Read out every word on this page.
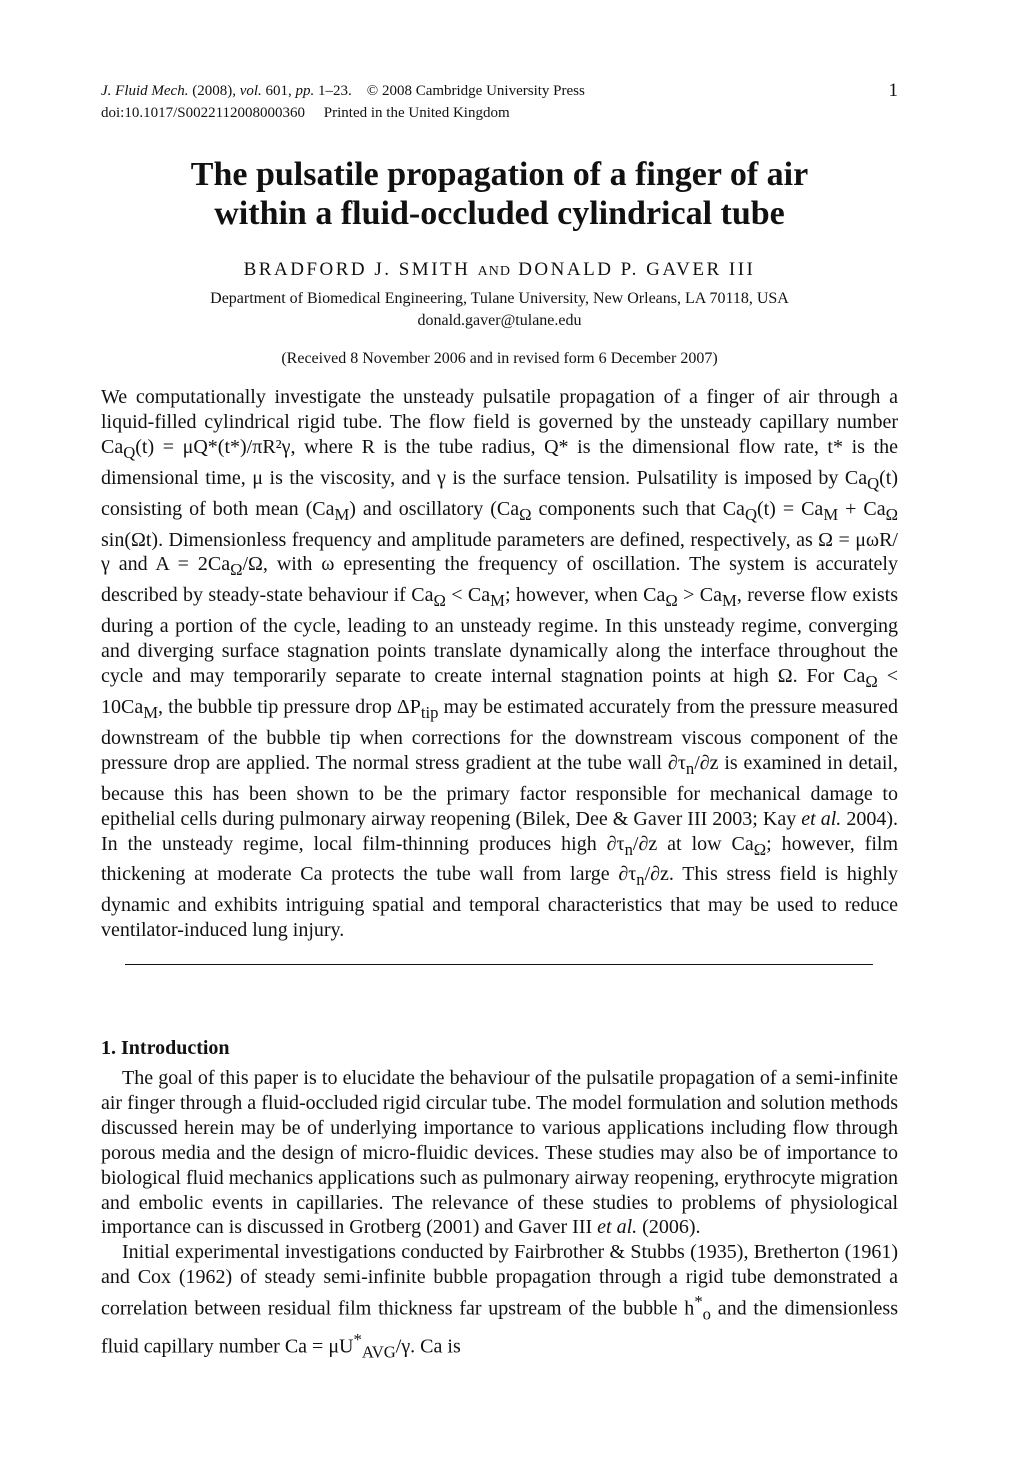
J. Fluid Mech. (2008), vol. 601, pp. 1–23. © 2008 Cambridge University Press
doi:10.1017/S0022112008000360 Printed in the United Kingdom
1
The pulsatile propagation of a finger of air
within a fluid-occluded cylindrical tube
BRADFORD J. SMITH AND DONALD P. GAVER III
Department of Biomedical Engineering, Tulane University, New Orleans, LA 70118, USA
donald.gaver@tulane.edu
(Received 8 November 2006 and in revised form 6 December 2007)
We computationally investigate the unsteady pulsatile propagation of a finger of air through a liquid-filled cylindrical rigid tube. The flow field is governed by the unsteady capillary number $Ca_Q(t) = \mu Q*(t*)/\pi R^2\gamma$, where R is the tube radius, Q* is the dimensional flow rate, t* is the dimensional time, μ is the viscosity, and γ is the surface tension. Pulsatility is imposed by $Ca_Q(t)$ consisting of both mean $(Ca_M)$ and oscillatory ($Ca_\Omega$ components such that $Ca_Q(t) = Ca_M + Ca_\Omega$ sin(Ωt). Dimensionless frequency and amplitude parameters are defined, respectively, as Ω = μωR/γ and $A = 2Ca_\Omega/\Omega$, with ω epresenting the frequency of oscillation. The system is accurately described by steady-state behaviour if $Ca_\Omega < Ca_M$; however, when $Ca_\Omega > Ca_M$, reverse flow exists during a portion of the cycle, leading to an unsteady regime. In this unsteady regime, converging and diverging surface stagnation points translate dynamically along the interface throughout the cycle and may temporarily separate to create internal stagnation points at high Ω. For $Ca_\Omega < 10Ca_M$, the bubble tip pressure drop $\Delta P_{tip}$ may be estimated accurately from the pressure measured downstream of the bubble tip when corrections for the downstream viscous component of the pressure drop are applied. The normal stress gradient at the tube wall $\partial\tau_n/\partial z$ is examined in detail, because this has been shown to be the primary factor responsible for mechanical damage to epithelial cells during pulmonary airway reopening (Bilek, Dee & Gaver III 2003; Kay et al. 2004). In the unsteady regime, local film-thinning produces high $\partial\tau_n/\partial z$ at low $Ca_\Omega$; however, film thickening at moderate Ca protects the tube wall from large $\partial\tau_n/\partial z$. This stress field is highly dynamic and exhibits intriguing spatial and temporal characteristics that may be used to reduce ventilator-induced lung injury.
1. Introduction

The goal of this paper is to elucidate the behaviour of the pulsatile propagation of a semi-infinite air finger through a fluid-occluded rigid circular tube. The model formulation and solution methods discussed herein may be of underlying importance to various applications including flow through porous media and the design of micro-fluidic devices. These studies may also be of importance to biological fluid mechanics applications such as pulmonary airway reopening, erythrocyte migration and embolic events in capillaries. The relevance of these studies to problems of physiological importance can is discussed in Grotberg (2001) and Gaver III et al. (2006).

Initial experimental investigations conducted by Fairbrother & Stubbs (1935), Bretherton (1961) and Cox (1962) of steady semi-infinite bubble propagation through a rigid tube demonstrated a correlation between residual film thickness far upstream of the bubble $h^*_o$ and the dimensionless fluid capillary number $Ca = \mu U^*_{AVG}/\gamma$. Ca is
